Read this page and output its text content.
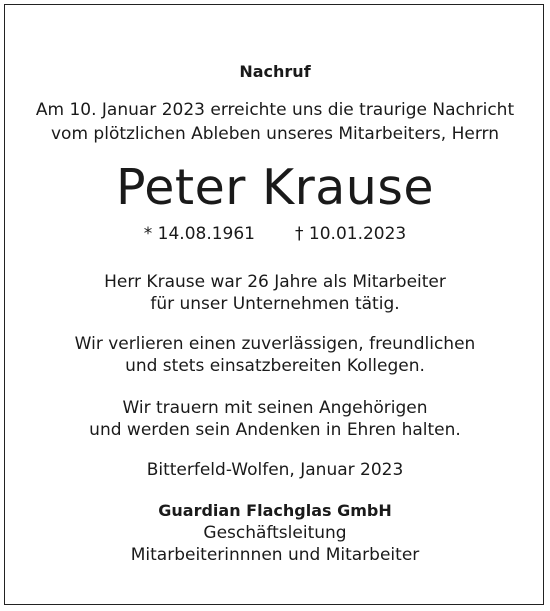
Nachruf
Am 10. Januar 2023 erreichte uns die traurige Nachricht
vom plötzlichen Ableben unseres Mitarbeiters, Herrn
Peter Krause
* 14.08.1961 † 10.01.2023
Herr Krause war 26 Jahre als Mitarbeiter
für unser Unternehmen tätig.
Wir verlieren einen zuverlässigen, freundlichen
und stets einsatzbereiten Kollegen.
Wir trauern mit seinen Angehörigen
und werden sein Andenken in Ehren halten.
Bitterfeld-Wolfen, Januar 2023
Guardian Flachglas GmbH
Geschäftsleitung
Mitarbeiterinnnen und Mitarbeiter
